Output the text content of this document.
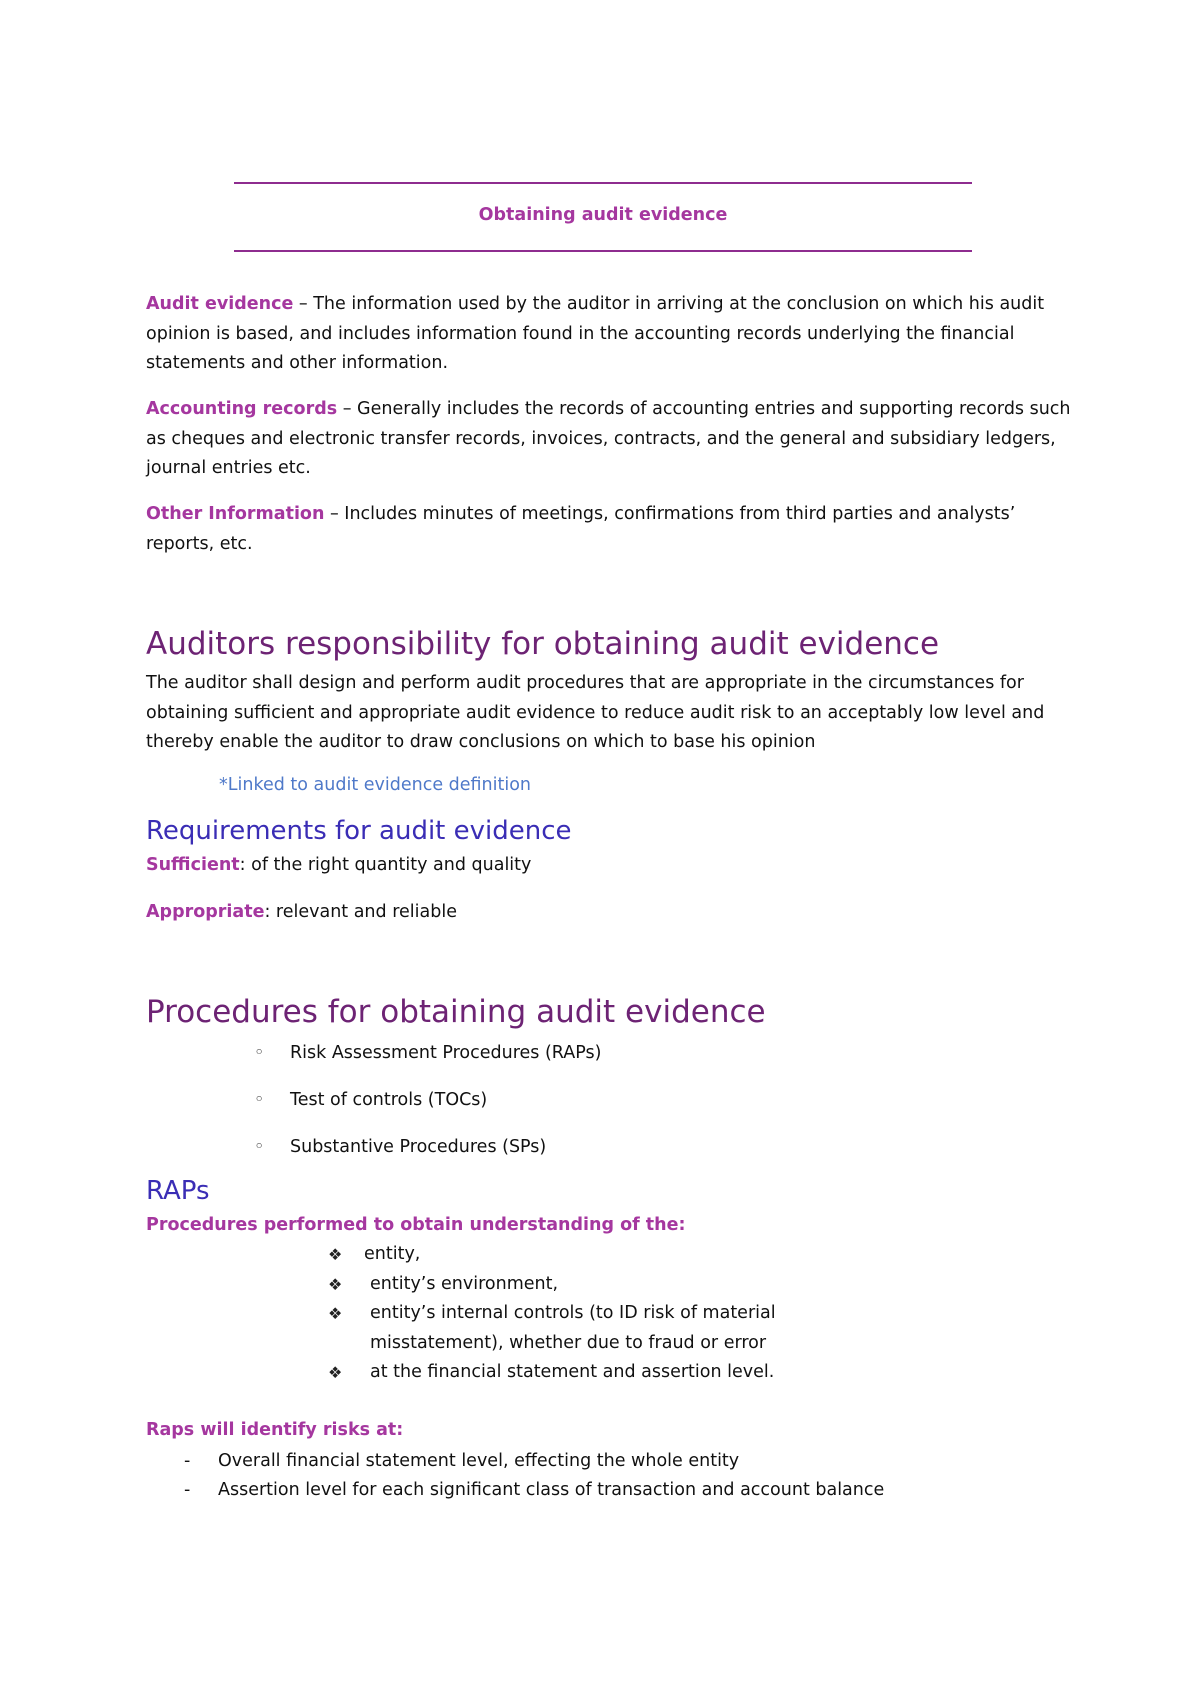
Obtaining audit evidence

Audit evidence – The information used by the auditor in arriving at the conclusion on which his audit opinion is based, and includes information found in the accounting records underlying the financial statements and other information.

Accounting records – Generally includes the records of accounting entries and supporting records such as cheques and electronic transfer records, invoices, contracts, and the general and subsidiary ledgers, journal entries etc.

Other Information – Includes minutes of meetings, confirmations from third parties and analysts’ reports, etc.

Auditors responsibility for obtaining audit evidence

The auditor shall design and perform audit procedures that are appropriate in the circumstances for obtaining sufficient and appropriate audit evidence to reduce audit risk to an acceptably low level and thereby enable the auditor to draw conclusions on which to base his opinion

*Linked to audit evidence definition
Requirements for audit evidence

Sufficient: of the right quantity and quality

Appropriate: relevant and reliable

Procedures for obtaining audit evidence
◦ Risk Assessment Procedures (RAPs)
◦ Test of controls (TOCs)
◦ Substantive Procedures (SPs)
RAPs
Procedures performed to obtain understanding of the:
❖ entity,
❖ entity’s environment,
❖ entity’s internal controls (to ID risk of material misstatement), whether due to fraud or error
❖ at the financial statement and assertion level.
Raps will identify risks at:
- Overall financial statement level, effecting the whole entity
- Assertion level for each significant class of transaction and account balance
